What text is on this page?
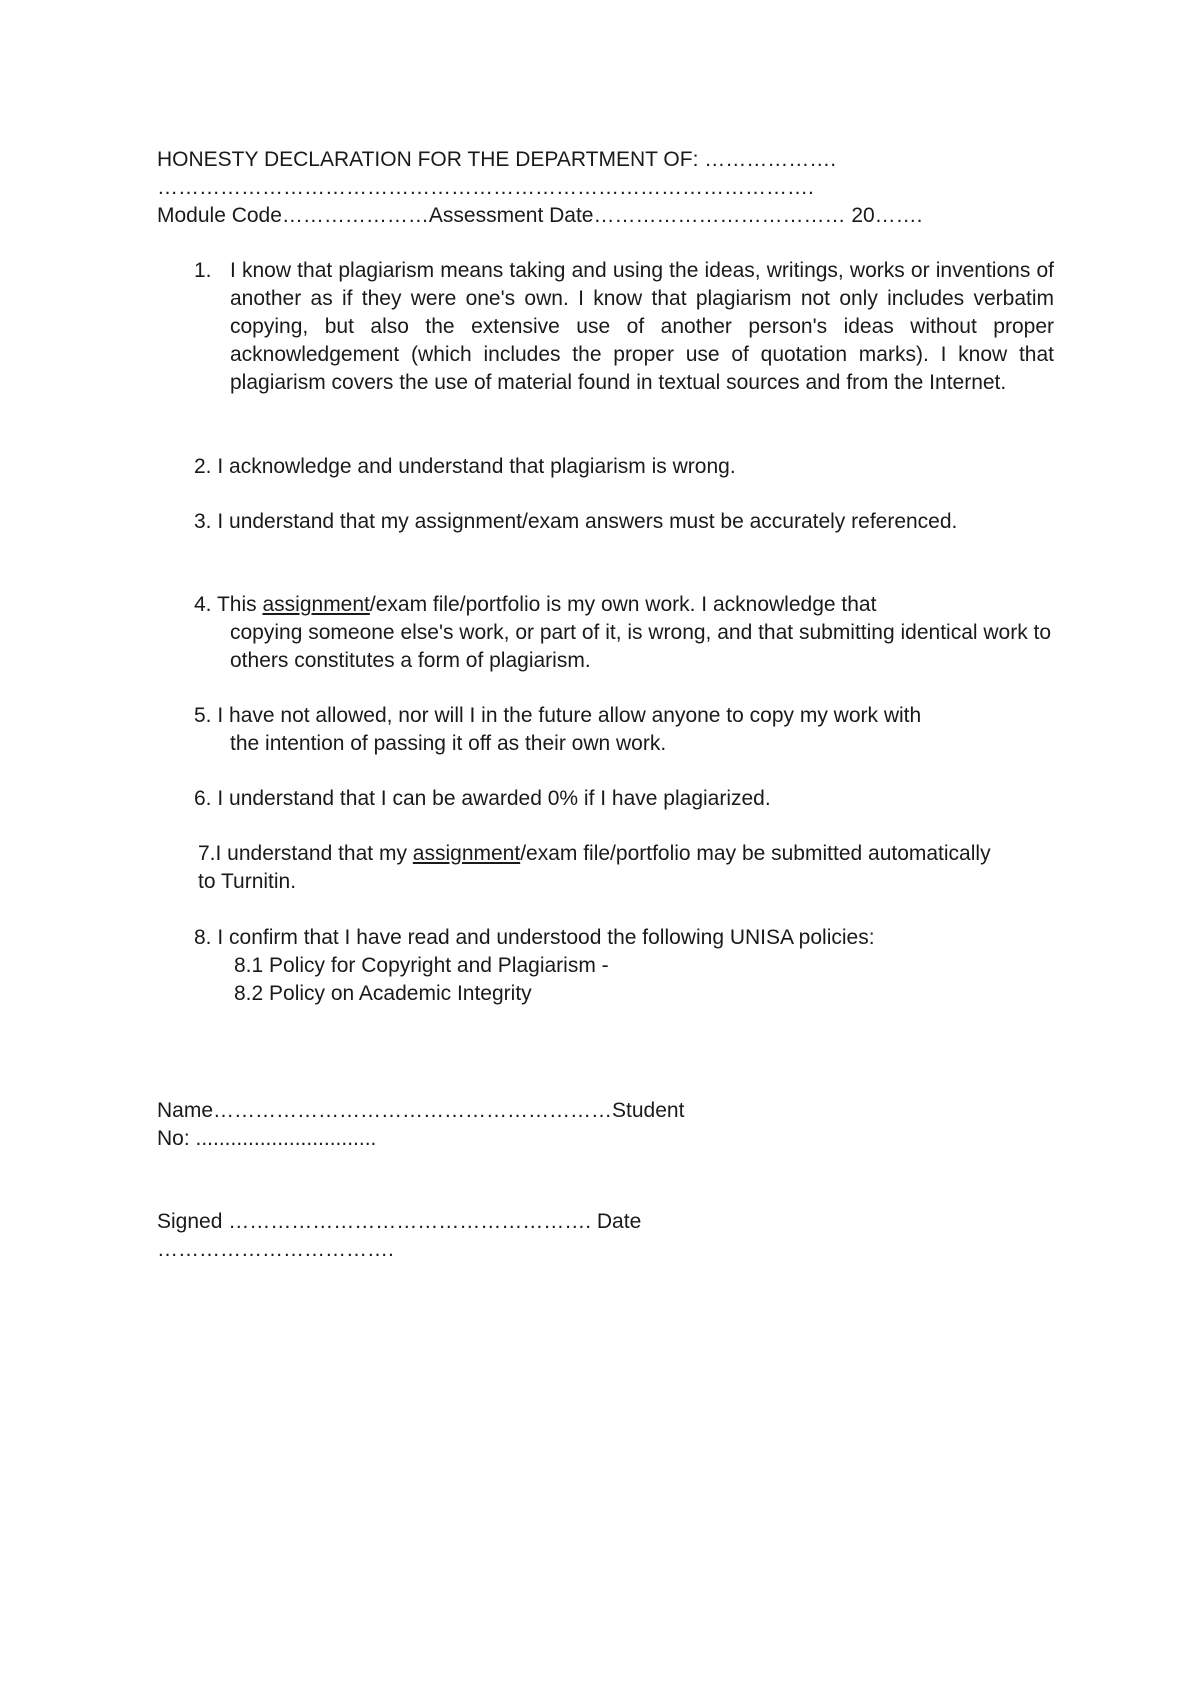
HONESTY DECLARATION FOR THE DEPARTMENT OF: ……………….
………………………………………………………………………………….
Module Code…………………Assessment Date……………………………… 20…….
1. I know that plagiarism means taking and using the ideas, writings, works or inventions of another as if they were one's own. I know that plagiarism not only includes verbatim copying, but also the extensive use of another person's ideas without proper acknowledgement (which includes the proper use of quotation marks). I know that plagiarism covers the use of material found in textual sources and from the Internet.
2. I acknowledge and understand that plagiarism is wrong.
3. I understand that my assignment/exam answers must be accurately referenced.
4. This assignment/exam file/portfolio is my own work. I acknowledge that
copying someone else's work, or part of it, is wrong, and that submitting identical work to others constitutes a form of plagiarism.
5. I have not allowed, nor will I in the future allow anyone to copy my work with
the intention of passing it off as their own work.
6. I understand that I can be awarded 0% if I have plagiarized.
7.I understand that my assignment/exam file/portfolio may be submitted automatically to Turnitin.
8. I confirm that I have read and understood the following UNISA policies:
8.1 Policy for Copyright and Plagiarism -
8.2 Policy on Academic Integrity
Name…………………………………………………Student
No: ...............................
Signed ……………………………………………. Date
…………………………….
